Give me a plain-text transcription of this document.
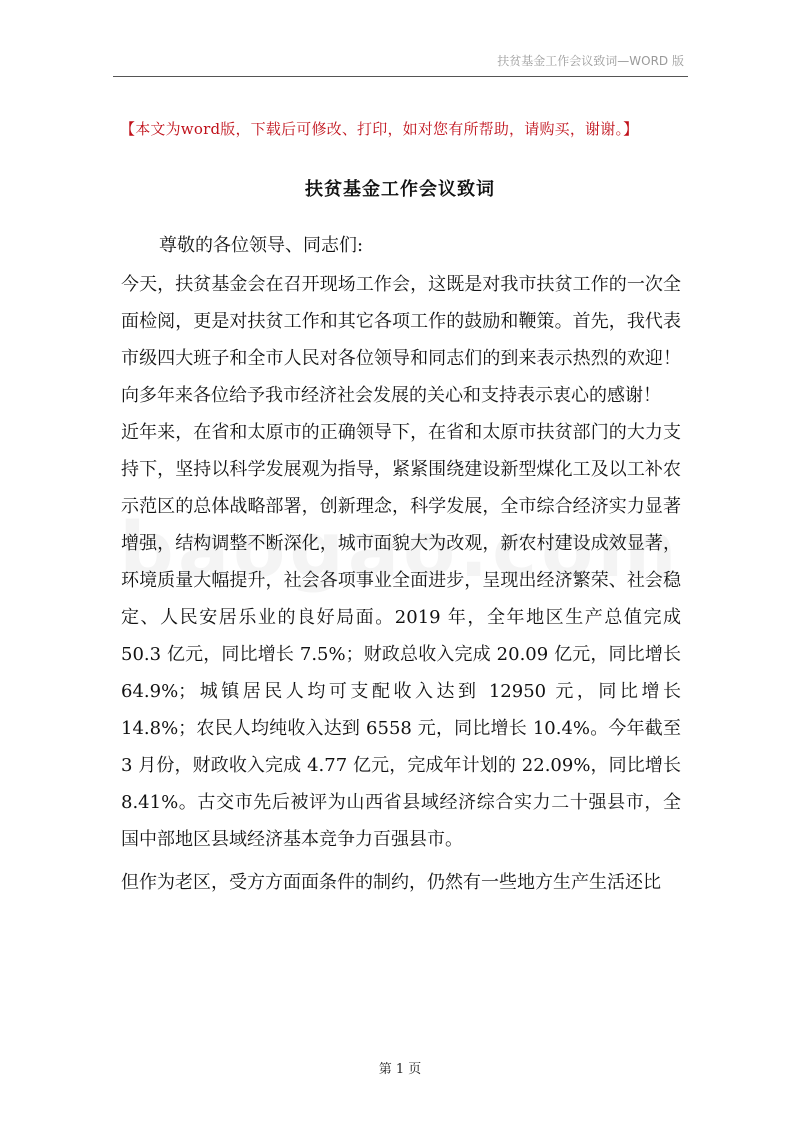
扶贫基金工作会议致词—WORD 版
【本文为word版，下载后可修改、打印，如对您有所帮助，请购买，谢谢。】
扶贫基金工作会议致词

尊敬的各位领导、同志们:

今天，扶贫基金会在召开现场工作会，这既是对我市扶贫工作的一次全面检阅，更是对扶贫工作和其它各项工作的鼓励和鞭策。首先，我代表市级四大班子和全市人民对各位领导和同志们的到来表示热烈的欢迎！向多年来各位给予我市经济社会发展的关心和支持表示衷心的感谢！

近年来，在省和太原市的正确领导下，在省和太原市扶贫部门的大力支持下，坚持以科学发展观为指导，紧紧围绕建设新型煤化工及以工补农示范区的总体战略部署，创新理念，科学发展，全市综合经济实力显著增强，结构调整不断深化，城市面貌大为改观，新农村建设成效显著，环境质量大幅提升，社会各项事业全面进步，呈现出经济繁荣、社会稳定、人民安居乐业的良好局面。2019 年，全年地区生产总值完成 50.3 亿元，同比增长 7.5%；财政总收入完成 20.09 亿元，同比增长 64.9%；城镇居民人均可支配收入达到 12950 元，同比增长 14.8%；农民人均纯收入达到 6558 元，同比增长 10.4%。今年截至 3 月份，财政收入完成 4.77 亿元，完成年计划的 22.09%，同比增长 8.41%。古交市先后被评为山西省县域经济综合实力二十强县市，全国中部地区县域经济基本竞争力百强县市。

但作为老区，受方方面面条件的制约，仍然有一些地方生产生活还比

第 1 页
